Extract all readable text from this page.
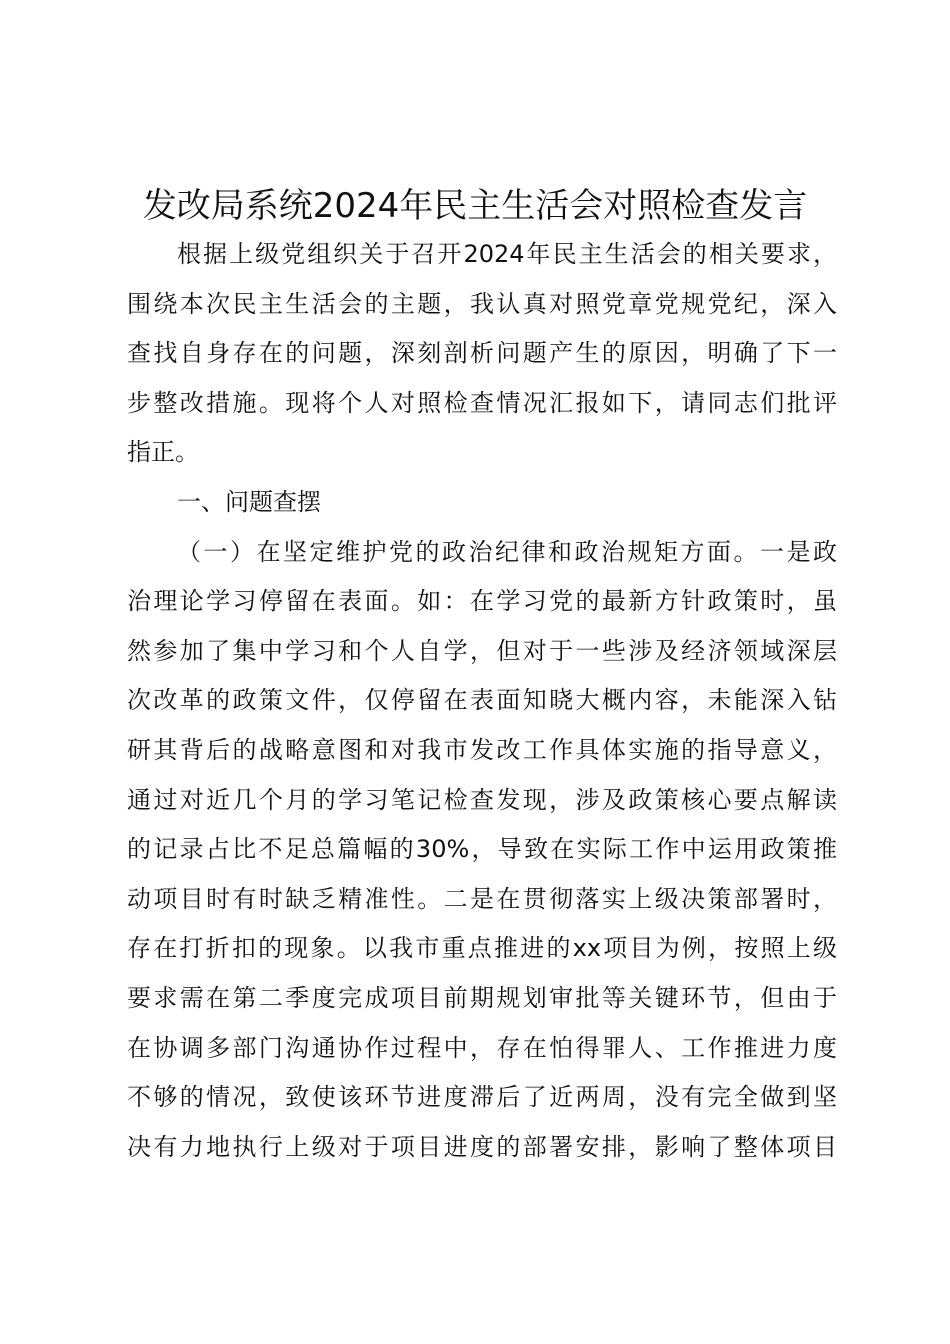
发改局系统2024年民主生活会对照检查发言
根据上级党组织关于召开2024年民主生活会的相关要求，
围绕本次民主生活会的主题，我认真对照党章党规党纪，深入
查找自身存在的问题，深刻剖析问题产生的原因，明确了下一
步整改措施。现将个人对照检查情况汇报如下，请同志们批评
指正。
一、问题查摆
（一）在坚定维护党的政治纪律和政治规矩方面。一是政
治理论学习停留在表面。如：在学习党的最新方针政策时，虽
然参加了集中学习和个人自学，但对于一些涉及经济领域深层
次改革的政策文件，仅停留在表面知晓大概内容，未能深入钻
研其背后的战略意图和对我市发改工作具体实施的指导意义，
通过对近几个月的学习笔记检查发现，涉及政策核心要点解读
的记录占比不足总篇幅的30%，导致在实际工作中运用政策推
动项目时有时缺乏精准性。二是在贯彻落实上级决策部署时，
存在打折扣的现象。以我市重点推进的xx项目为例，按照上级
要求需在第二季度完成项目前期规划审批等关键环节，但由于
在协调多部门沟通协作过程中，存在怕得罪人、工作推进力度
不够的情况，致使该环节进度滞后了近两周，没有完全做到坚
决有力地执行上级对于项目进度的部署安排，影响了整体项目
